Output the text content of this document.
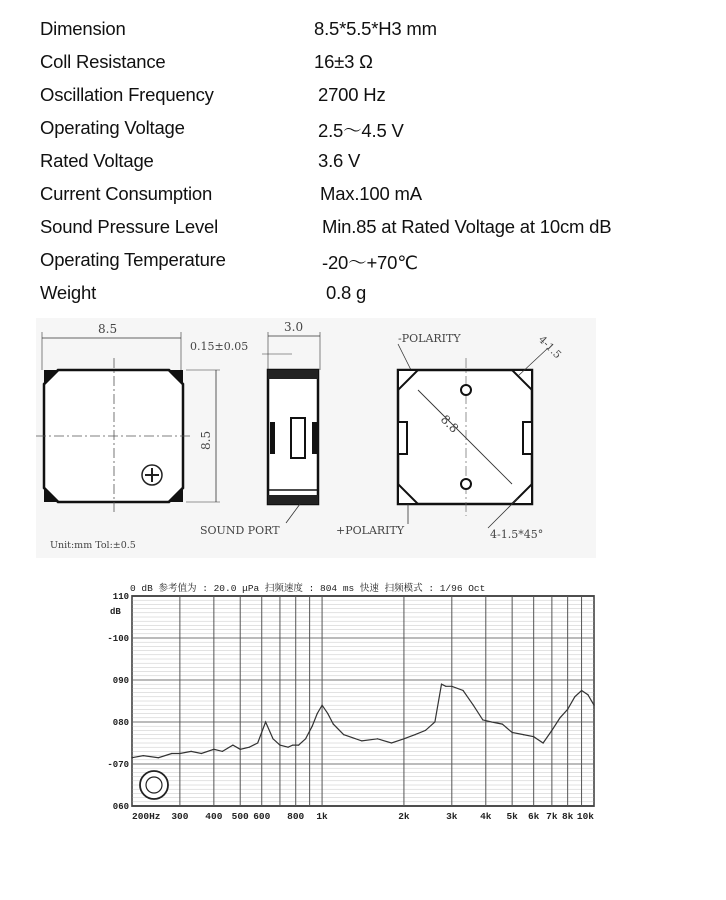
Dimension	8.5*5.5*H3 mm
Coll Resistance	16±3 Ω
Oscillation Frequency	2700 Hz
Operating Voltage	2.5～4.5 V
Rated Voltage	3.6 V
Current Consumption	Max.100 mA
Sound Pressure Level	Min.85 at Rated Voltage at 10cm dB
Operating Temperature	-20～+70℃
Weight	0.8 g
8.5
8.5
3.0
0.15±0.05
SOUND PORT
Unit:mm Tol:±0.5
-POLARITY
8.8
4-1.5
+POLARITY	4-1.5*45°
0 dB 参考值为 : 20.0 μPa 扫频速度 : 804 ms 快速 扫频模式 : 1/96 Oct
dB
110
-100
090
080
-070
060
200Hz 300 400 500 600 800 1k	2k	3k 4k 5k 6k 7k 8k 10k
